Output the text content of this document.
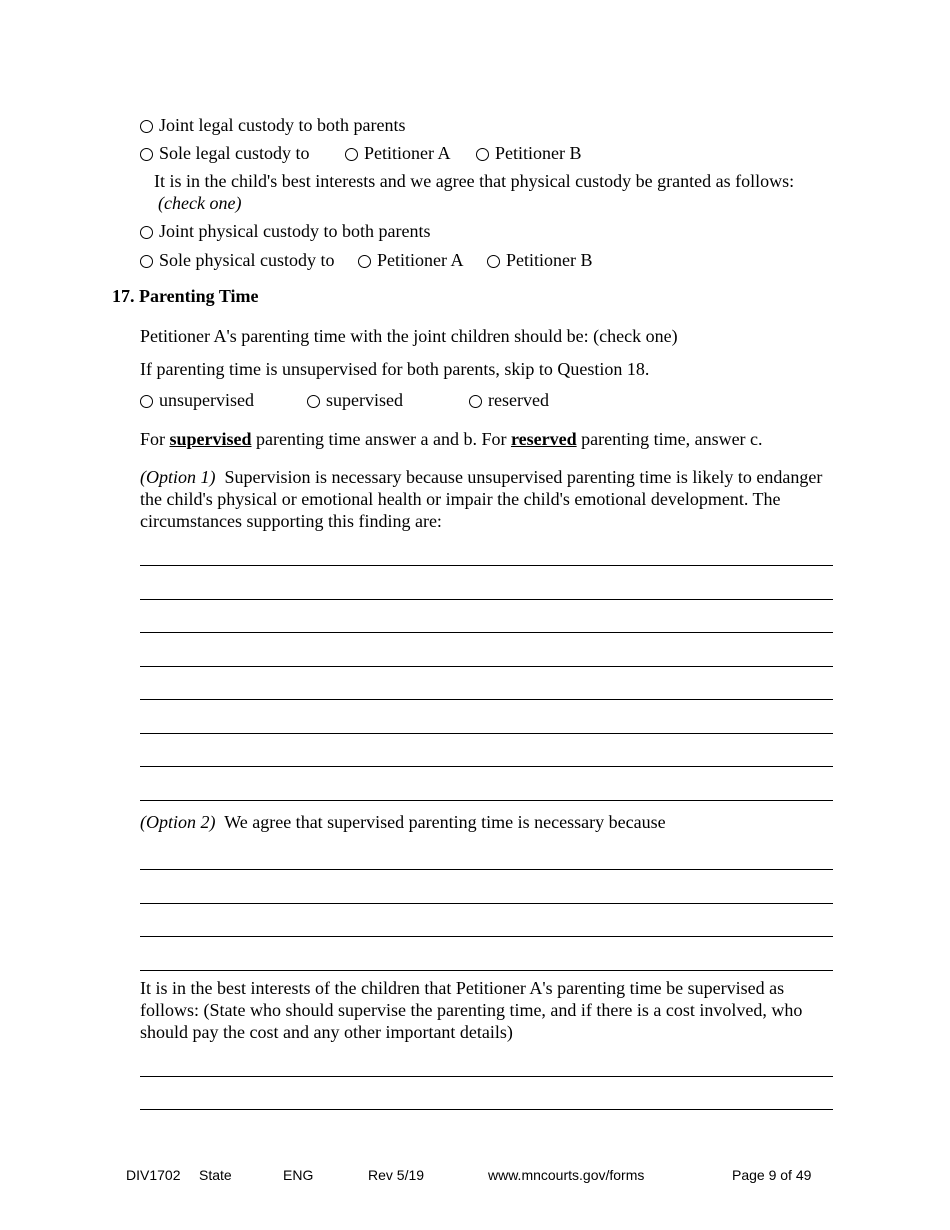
Joint legal custody to both parents
Sole legal custody to	Petitioner A	Petitioner B
It is in the child's best interests and we agree that physical custody be granted as follows:
(check one)
Joint physical custody to both parents
Sole physical custody to	Petitioner A	Petitioner B
17. Parenting Time
Petitioner A's parenting time with the joint children should be: (check one)
If parenting time is unsupervised for both parents, skip to Question 18.
unsupervised	supervised	reserved
For supervised parenting time answer a and b. For reserved parenting time, answer c.
(Option 1) Supervision is necessary because unsupervised parenting time is likely to endanger the child's physical or emotional health or impair the child's emotional development. The circumstances supporting this finding are:
(Option 2) We agree that supervised parenting time is necessary because
It is in the best interests of the children that Petitioner A's parenting time be supervised as follows: (State who should supervise the parenting time, and if there is a cost involved, who should pay the cost and any other important details)
DIV1702 State	ENG	Rev 5/19	www.mncourts.gov/forms	Page 9 of 49
